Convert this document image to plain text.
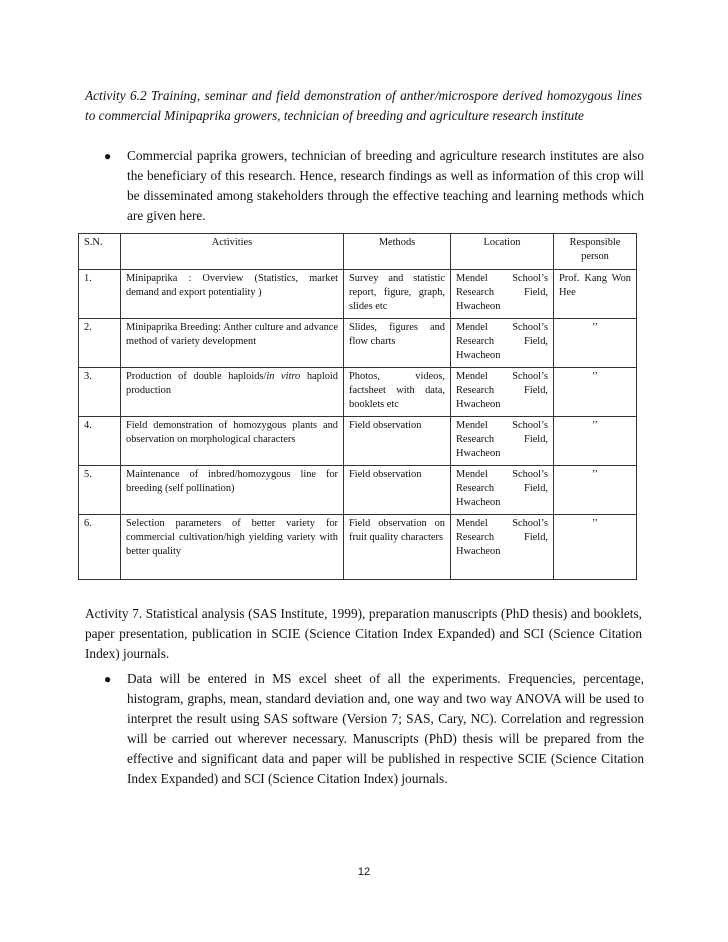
Activity 6.2 Training, seminar and field demonstration of anther/microspore derived homozygous lines to commercial Minipaprika growers, technician of breeding and agriculture research institute
●	Commercial paprika growers, technician of breeding and agriculture research institutes are also the beneficiary of this research. Hence, research findings as well as information of this crop will be disseminated among stakeholders through the effective teaching and learning methods which are given here.
S.N.	Activities	Methods	Location	Responsible person
1.	Minipaprika : Overview (Statistics, market demand and export potentiality )	Survey and statistic report, figure, graph, slides etc	Mendel School’s Research Field, Hwacheon	Prof. Kang Won Hee
2.	Minipaprika Breeding: Anther culture and advance method of variety development	Slides, figures and flow charts	Mendel School’s Research Field, Hwacheon	’’
3.	Production of double haploids/in vitro haploid production	Photos, videos, factsheet with data, booklets etc	Mendel School’s Research Field, Hwacheon	’’
4.	Field demonstration of homozygous plants and observation on morphological characters	Field observation	Mendel School’s Research Field, Hwacheon	’’
5.	Maintenance of inbred/homozygous line for breeding (self pollination)	Field observation	Mendel School’s Research Field, Hwacheon	’’
6.	Selection parameters of better variety for commercial cultivation/high yielding variety with better quality	Field observation on fruit quality characters	Mendel School’s Research Field, Hwacheon	’’
Activity 7. Statistical analysis (SAS Institute, 1999), preparation manuscripts (PhD thesis) and booklets, paper presentation, publication in SCIE (Science Citation Index Expanded) and SCI (Science Citation Index) journals.
●	Data will be entered in MS excel sheet of all the experiments. Frequencies, percentage, histogram, graphs, mean, standard deviation and, one way and two way ANOVA will be used to interpret the result using SAS software (Version 7; SAS, Cary, NC). Correlation and regression will be carried out wherever necessary. Manuscripts (PhD) thesis will be prepared from the effective and significant data and paper will be published in respective SCIE (Science Citation Index Expanded) and SCI (Science Citation Index) journals.
12
